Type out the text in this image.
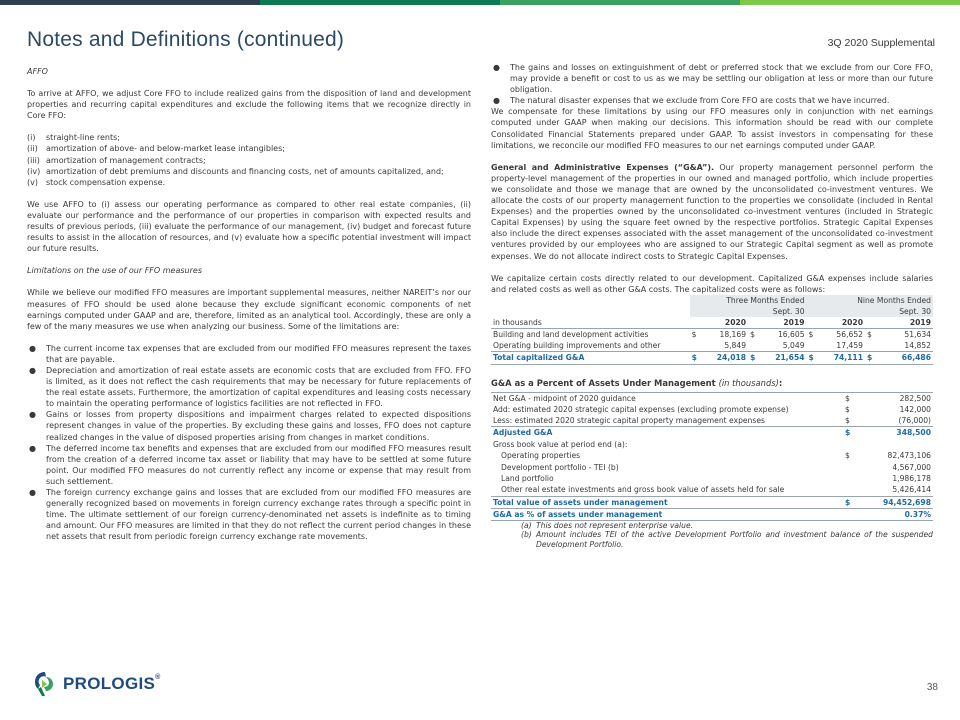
Notes and Definitions (continued)	3Q 2020 Supplemental
AFFO
To arrive at AFFO, we adjust Core FFO to include realized gains from the disposition of land and development properties and recurring capital expenditures and exclude the following items that we recognize directly in Core FFO:
(i)	straight-line rents;
(ii)	amortization of above- and below-market lease intangibles;
(iii) amortization of management contracts;
(iv) amortization of debt premiums and discounts and financing costs, net of amounts capitalized, and;
(v)	stock compensation expense.
We use AFFO to (i) assess our operating performance as compared to other real estate companies, (ii) evaluate our performance and the performance of our properties in comparison with expected results and results of previous periods, (iii) evaluate the performance of our management, (iv) budget and forecast future results to assist in the allocation of resources, and (v) evaluate how a specific potential investment will impact our future results.
Limitations on the use of our FFO measures
While we believe our modified FFO measures are important supplemental measures, neither NAREIT’s nor our measures of FFO should be used alone because they exclude significant economic components of net earnings computed under GAAP and are, therefore, limited as an analytical tool. Accordingly, these are only a few of the many measures we use when analyzing our business. Some of the limitations are:
●	The current income tax expenses that are excluded from our modified FFO measures represent the taxes that are payable.
●	Depreciation and amortization of real estate assets are economic costs that are excluded from FFO. FFO is limited, as it does not reflect the cash requirements that may be necessary for future replacements of the real estate assets. Furthermore, the amortization of capital expenditures and leasing costs necessary to maintain the operating performance of logistics facilities are not reflected in FFO.
●	Gains or losses from property dispositions and impairment charges related to expected dispositions represent changes in value of the properties. By excluding these gains and losses, FFO does not capture realized changes in the value of disposed properties arising from changes in market conditions.
●	The deferred income tax benefits and expenses that are excluded from our modified FFO measures result from the creation of a deferred income tax asset or liability that may have to be settled at some future point. Our modified FFO measures do not currently reflect any income or expense that may result from such settlement.
●	The foreign currency exchange gains and losses that are excluded from our modified FFO measures are generally recognized based on movements in foreign currency exchange rates through a specific point in time. The ultimate settlement of our foreign currency-denominated net assets is indefinite as to timing and amount. Our FFO measures are limited in that they do not reflect the current period changes in these net assets that result from periodic foreign currency exchange rate movements.
●	The gains and losses on extinguishment of debt or preferred stock that we exclude from our Core FFO, may provide a benefit or cost to us as we may be settling our obligation at less or more than our future obligation.
●	The natural disaster expenses that we exclude from Core FFO are costs that we have incurred.
We compensate for these limitations by using our FFO measures only in conjunction with net earnings computed under GAAP when making our decisions. This information should be read with our complete Consolidated Financial Statements prepared under GAAP. To assist investors in compensating for these limitations, we reconcile our modified FFO measures to our net earnings computed under GAAP.
General and Administrative Expenses (“G&A”). Our property management personnel perform the property-level management of the properties in our owned and managed portfolio, which include properties we consolidate and those we manage that are owned by the unconsolidated co-investment ventures. We allocate the costs of our property management function to the properties we consolidate (included in Rental Expenses) and the properties owned by the unconsolidated co-investment ventures (included in Strategic Capital Expenses) by using the square feet owned by the respective portfolios. Strategic Capital Expenses also include the direct expenses associated with the asset management of the unconsolidated co-investment ventures provided by our employees who are assigned to our Strategic Capital segment as well as promote expenses. We do not allocate indirect costs to Strategic Capital Expenses.
We capitalize certain costs directly related to our development. Capitalized G&A expenses include salaries and related costs as well as other G&A costs. The capitalized costs were as follows:
	Three Months Ended				Nine Months Ended			
	Sept. 30				Sept. 30			
in thousands	2020		2019		2020		2019	
Building and land development activities	$	18,169	$	16,605	$	56,652	$	51,634
Operating building improvements and other		5,849		5,049		17,459		14,852
Total capitalized G&A	$	24,018	$	21,654	$	74,111	$	66,486
G&A as a Percent of Assets Under Management (in thousands):
Net G&A - midpoint of 2020 guidance	$	282,500
Add: estimated 2020 strategic capital expenses (excluding promote expense)	$	142,000
Less: estimated 2020 strategic capital property management expenses	$	(76,000)
Adjusted G&A	$	348,500
Gross book value at period end (a):		
Operating properties	$	82,473,106
Development portfolio - TEI (b)		4,567,000
Land portfolio		1,986,178
Other real estate investments and gross book value of assets held for sale		5,426,414
Total value of assets under management	$	94,452,698
G&A as % of assets under management		0.37%
(a) This does not represent enterprise value.
(b) Amount includes TEI of the active Development Portfolio and investment balance of the suspended Development Portfolio.
PROLOGIS®
38
